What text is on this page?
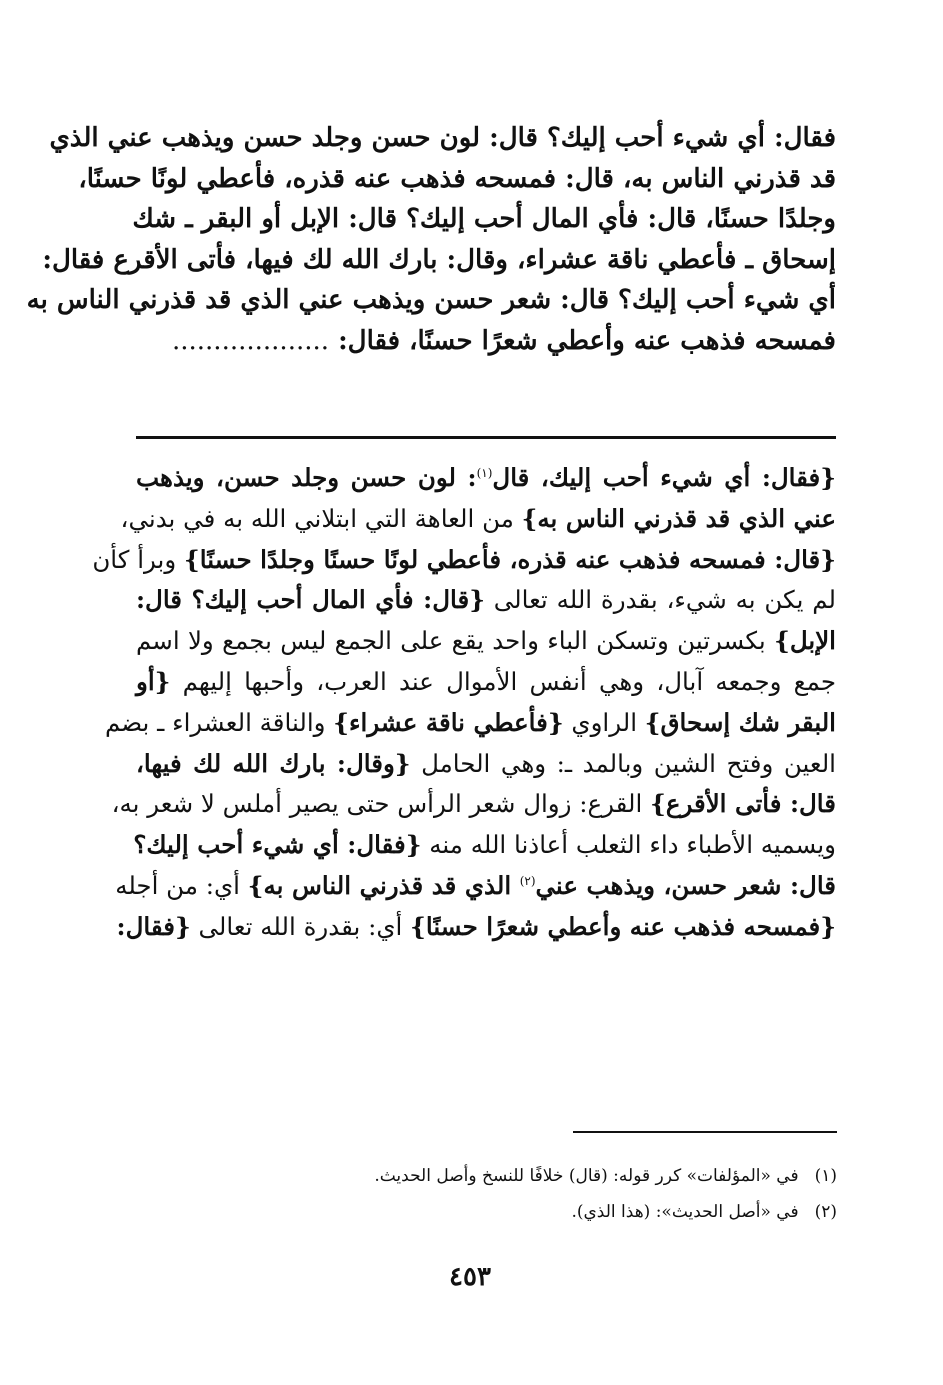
فقال: أي شيء أحب إليك؟ قال: لون حسن وجلد حسن ويذهب عني الذي
قد قذرني الناس به، قال: فمسحه فذهب عنه قذره، فأعطي لونًا حسنًا،
وجلدًا حسنًا، قال: فأي المال أحب إليك؟ قال: الإبل أو البقر ـ شك
إسحاق ـ فأعطي ناقة عشراء، وقال: بارك الله لك فيها، فأتى الأقرع فقال:
أي شيء أحب إليك؟ قال: شعر حسن ويذهب عني الذي قد قذرني الناس به
فمسحه فذهب عنه وأعطي شعرًا حسنًا، فقال: ...................
{فقال: أي شيء أحب إليك، قال$^{(١)}$: لون حسن وجلد حسن، ويذهب
عني الذي قد قذرني الناس به} من العاهة التي ابتلاني الله به في بدني،
{قال: فمسحه فذهب عنه قذره، فأعطي لونًا حسنًا وجلدًا حسنًا} وبرأ كأن
لم يكن به شيء، بقدرة الله تعالى {قال: فأي المال أحب إليك؟ قال:
الإبل} بكسرتين وتسكن الباء واحد يقع على الجمع ليس بجمع ولا اسم
جمع وجمعه آبال، وهي أنفس الأموال عند العرب، وأحبها إليهم {أو
البقر شك إسحاق} الراوي {فأعطي ناقة عشراء} والناقة العشراء ـ بضم
العين وفتح الشين وبالمد ـ: وهي الحامل {وقال: بارك الله لك فيها،
قال: فأتى الأقرع} القرع: زوال شعر الرأس حتى يصير أملس لا شعر به،
ويسميه الأطباء داء الثعلب أعاذنا الله منه {فقال: أي شيء أحب إليك؟
قال: شعر حسن، ويذهب عني$^{(٢)}$ الذي قد قذرني الناس به} أي: من أجله
{فمسحه فذهب عنه وأعطي شعرًا حسنًا} أي: بقدرة الله تعالى {فقال:
(١)في «المؤلفات» كرر قوله: (قال) خلافًا للنسخ وأصل الحديث.
(٢)في «أصل الحديث»: (هذا الذي).
٤٥٣
